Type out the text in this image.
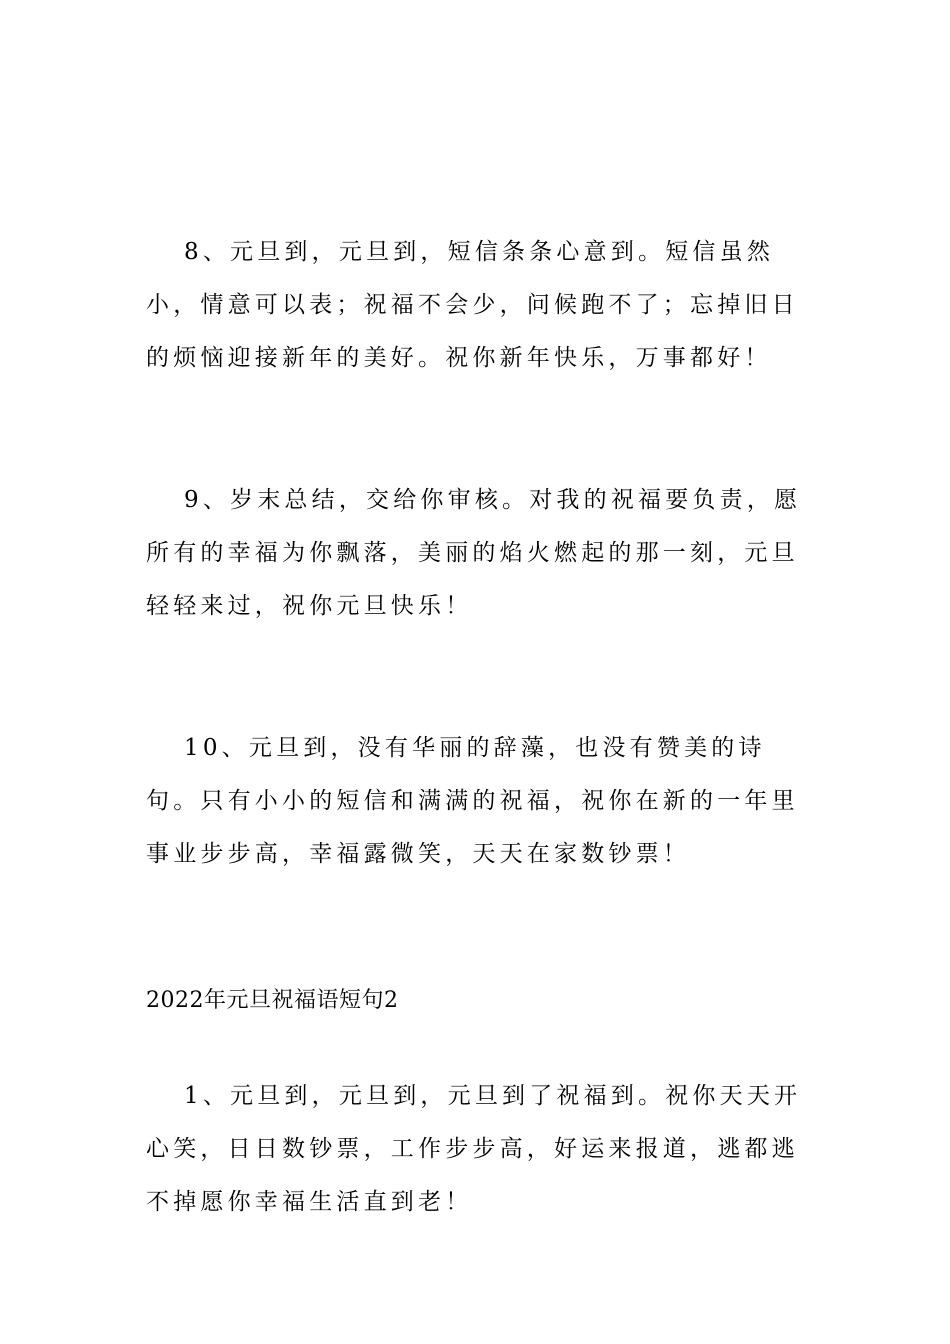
8、元旦到，元旦到，短信条条心意到。短信虽然小，情意可以表；祝福不会少，问候跑不了；忘掉旧日的烦恼迎接新年的美好。祝你新年快乐，万事都好！

9、岁末总结，交给你审核。对我的祝福要负责，愿所有的幸福为你飘落，美丽的焰火燃起的那一刻，元旦轻轻来过，祝你元旦快乐！

10、元旦到，没有华丽的辞藻，也没有赞美的诗句。只有小小的短信和满满的祝福，祝你在新的一年里事业步步高，幸福露微笑，天天在家数钞票！

2022年元旦祝福语短句2

1、元旦到，元旦到，元旦到了祝福到。祝你天天开心笑，日日数钞票，工作步步高，好运来报道，逃都逃不掉愿你幸福生活直到老！
